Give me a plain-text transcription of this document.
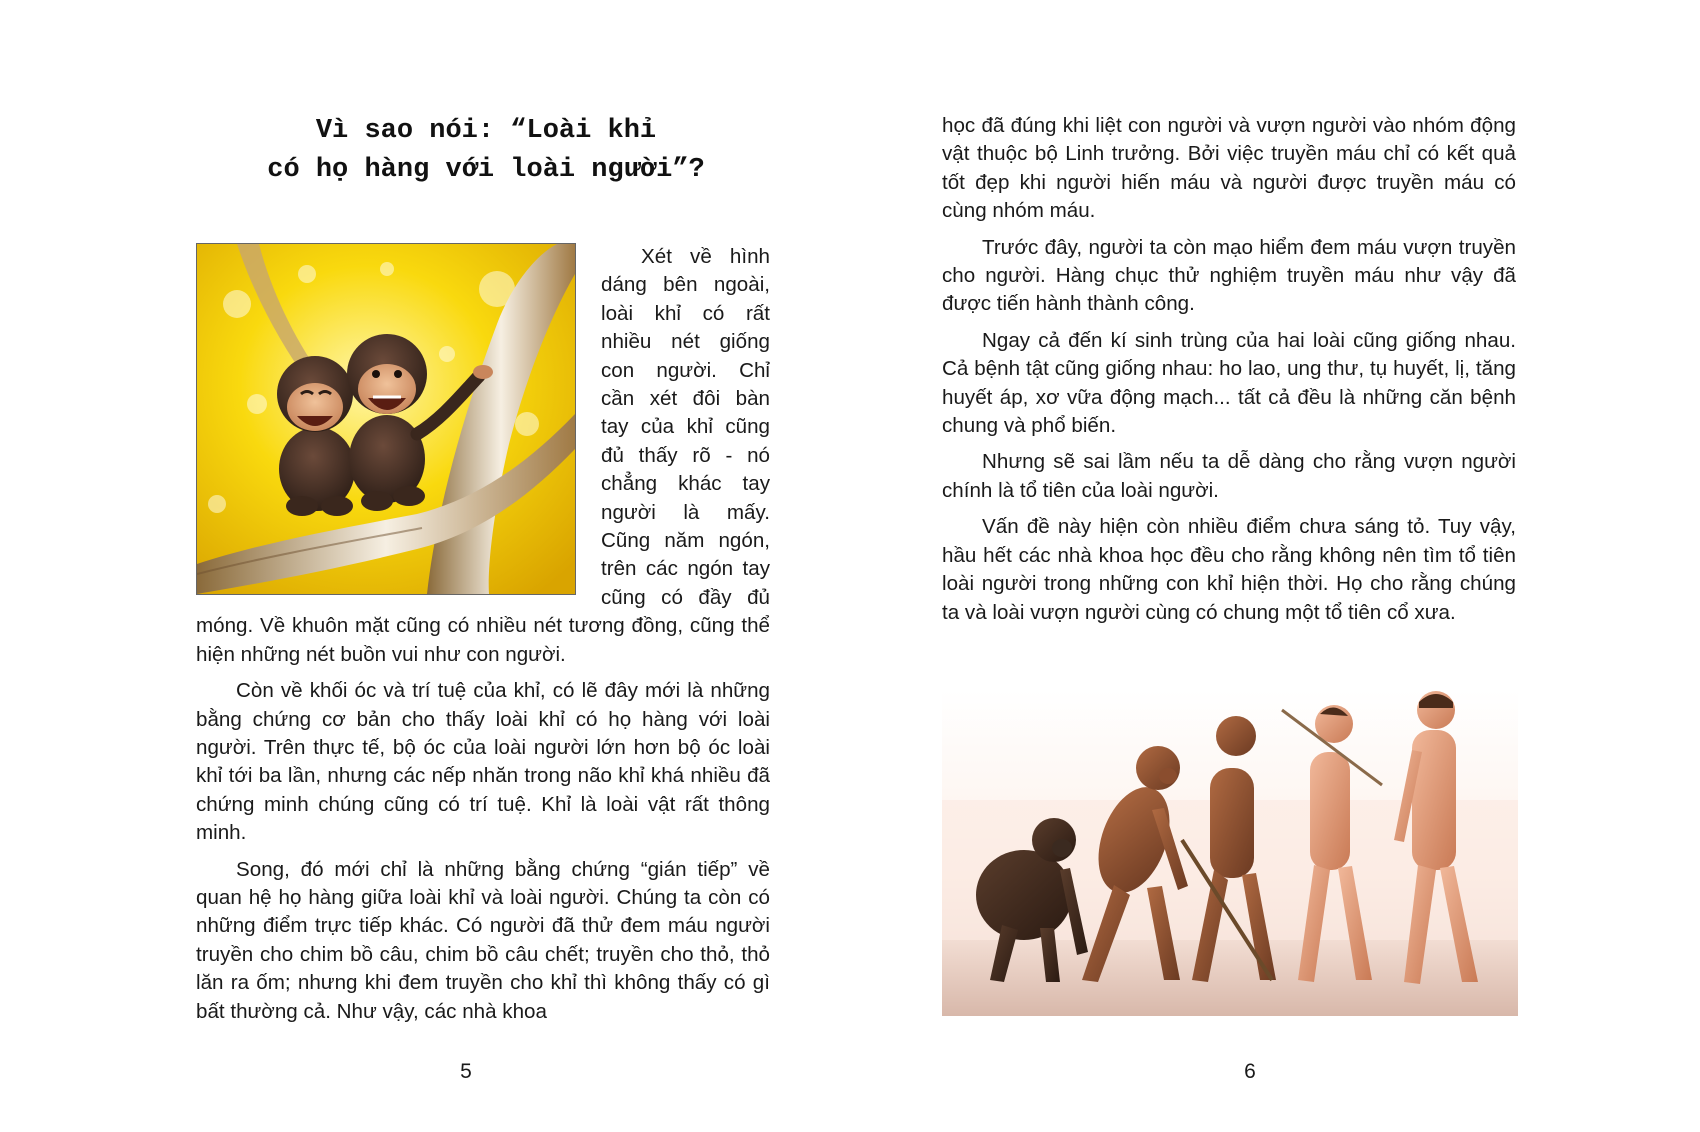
Vì sao nói: “Loài khỉ
có họ hàng với loài người”?

Xét về hình dáng bên ngoài, loài khỉ có rất nhiều nét giống con người. Chỉ cần xét đôi bàn tay của khỉ cũng đủ thấy rõ - nó chẳng khác tay người là mấy. Cũng năm ngón, trên các ngón tay cũng có đầy đủ móng. Về khuôn mặt cũng có nhiều nét tương đồng, cũng thể hiện những nét buồn vui như con người.

Còn về khối óc và trí tuệ của khỉ, có lẽ đây mới là những bằng chứng cơ bản cho thấy loài khỉ có họ hàng với loài người. Trên thực tế, bộ óc của loài người lớn hơn bộ óc loài khỉ tới ba lần, nhưng các nếp nhăn trong não khỉ khá nhiều đã chứng minh chúng cũng có trí tuệ. Khỉ là loài vật rất thông minh.

Song, đó mới chỉ là những bằng chứng “gián tiếp” về quan hệ họ hàng giữa loài khỉ và loài người. Chúng ta còn có những điểm trực tiếp khác. Có người đã thử đem máu người truyền cho chim bồ câu, chim bồ câu chết; truyền cho thỏ, thỏ lăn ra ốm; nhưng khi đem truyền cho khỉ thì không thấy có gì bất thường cả. Như vậy, các nhà khoa

5

học đã đúng khi liệt con người và vượn người vào nhóm động vật thuộc bộ Linh trưởng. Bởi việc truyền máu chỉ có kết quả tốt đẹp khi người hiến máu và người được truyền máu có cùng nhóm máu.

Trước đây, người ta còn mạo hiểm đem máu vượn truyền cho người. Hàng chục thử nghiệm truyền máu như vậy đã được tiến hành thành công.

Ngay cả đến kí sinh trùng của hai loài cũng giống nhau. Cả bệnh tật cũng giống nhau: ho lao, ung thư, tụ huyết, lị, tăng huyết áp, xơ vữa động mạch... tất cả đều là những căn bệnh chung và phổ biến.

Nhưng sẽ sai lầm nếu ta dễ dàng cho rằng vượn người chính là tổ tiên của loài người.

Vấn đề này hiện còn nhiều điểm chưa sáng tỏ. Tuy vậy, hầu hết các nhà khoa học đều cho rằng không nên tìm tổ tiên loài người trong những con khỉ hiện thời. Họ cho rằng chúng ta và loài vượn người cùng có chung một tổ tiên cổ xưa.

6
